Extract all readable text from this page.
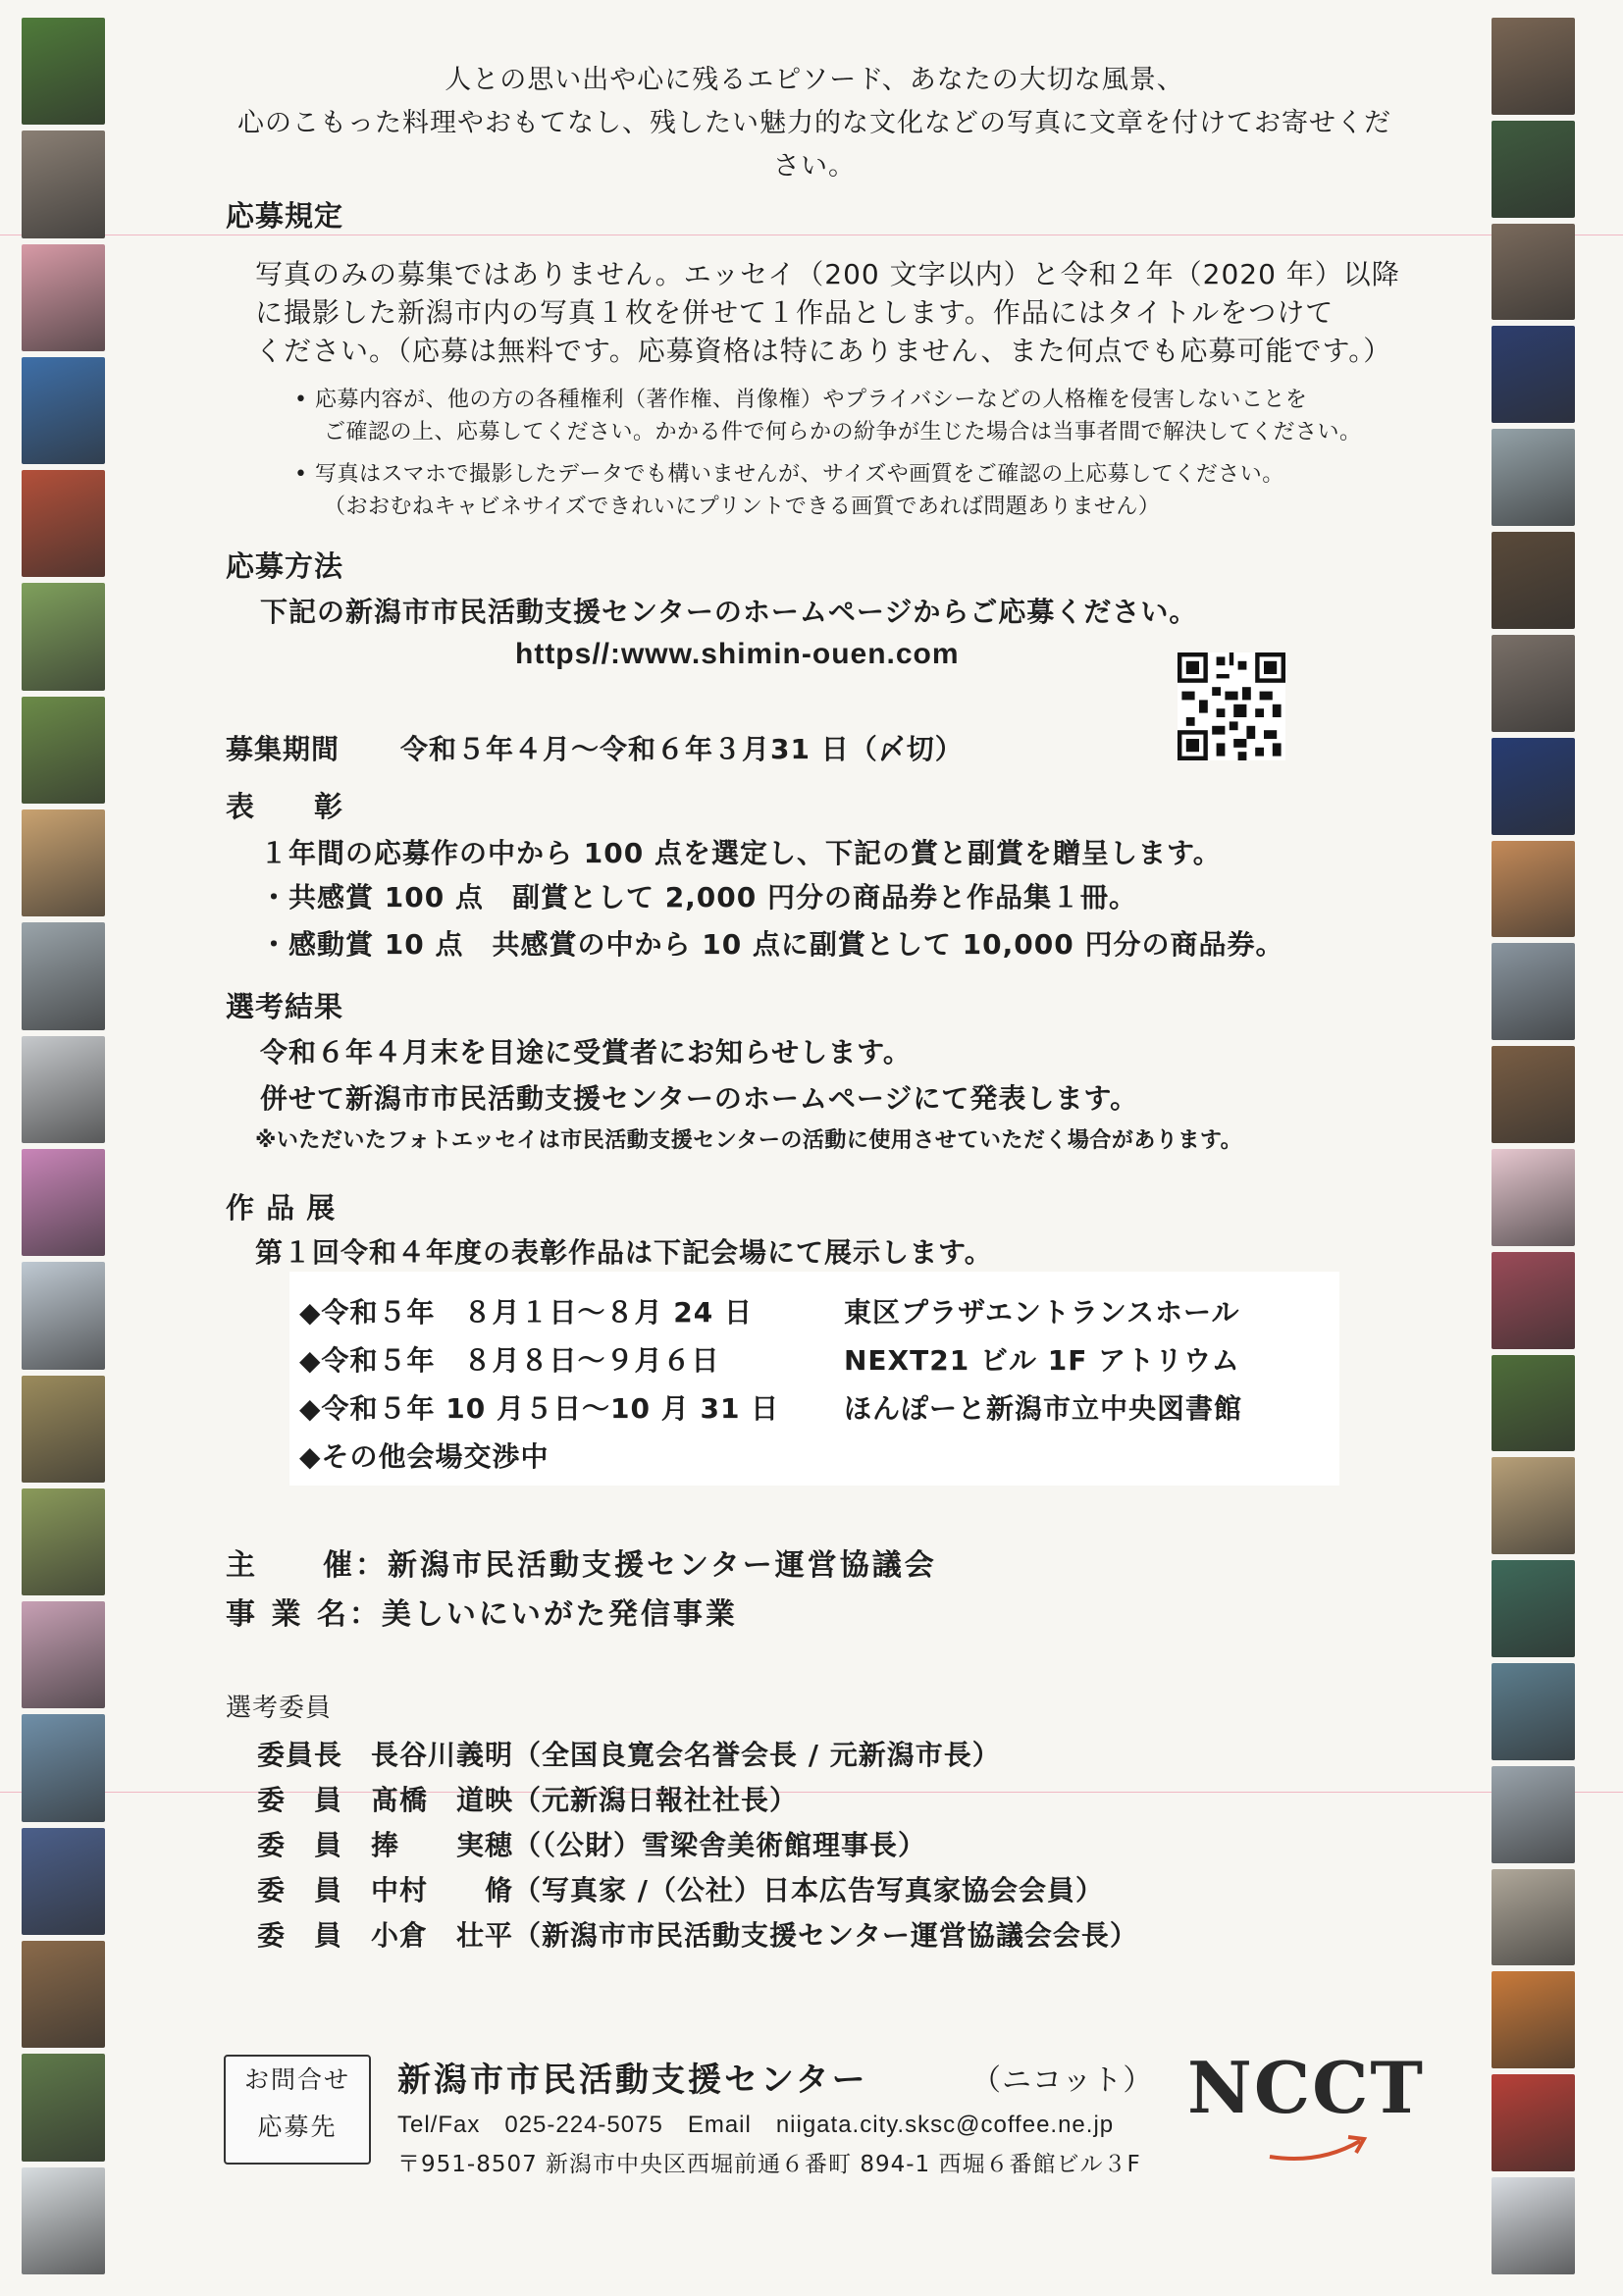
人との思い出や心に残るエピソード、あなたの大切な風景、
心のこもった料理やおもてなし、残したい魅力的な文化などの写真に文章を付けてお寄せください。
応募規定
写真のみの募集ではありません。エッセイ（200 文字以内）と令和２年（2020 年）以降
に撮影した新潟市内の写真１枚を併せて１作品とします。作品にはタイトルをつけて
ください。（応募は無料です。応募資格は特にありません、また何点でも応募可能です。）
• 応募内容が、他の方の各種権利（著作権、肖像権）やプライバシーなどの人格権を侵害しないことを
ご確認の上、応募してください。かかる件で何らかの紛争が生じた場合は当事者間で解決してください。
• 写真はスマホで撮影したデータでも構いませんが、サイズや画質をご確認の上応募してください。
（おおむねキャビネサイズできれいにプリントできる画質であれば問題ありません）
応募方法
下記の新潟市市民活動支援センターのホームページからご応募ください。
https//:www.shimin-ouen.com
募集期間 令和５年４月～令和６年３月31 日（〆切）
表　　彰
１年間の応募作の中から 100 点を選定し、下記の賞と副賞を贈呈します。
・共感賞 100 点　副賞として 2,000 円分の商品券と作品集１冊。
・感動賞 10 点　共感賞の中から 10 点に副賞として 10,000 円分の商品券。
選考結果
令和６年４月末を目途に受賞者にお知らせします。
併せて新潟市市民活動支援センターのホームページにて発表します。
※いただいたフォトエッセイは市民活動支援センターの活動に使用させていただく場合があります。
作 品 展
第１回令和４年度の表彰作品は下記会場にて展示します。
◆令和５年　８月１日～８月 24 日	東区プラザエントランスホール
◆令和５年　８月８日～９月６日	NEXT21 ビル 1F アトリウム
◆令和５年 10 月５日～10 月 31 日 ほんぽーと新潟市立中央図書館
◆その他会場交渉中
主　　催：新潟市民活動支援センター運営協議会
事 業 名：美しいにいがた発信事業
選考委員
委員長　長谷川義明（全国良寛会名誉会長 / 元新潟市長）
委　員　髙橋　道映（元新潟日報社社長）
委　員　捧　　実穂（（公財）雪梁舎美術館理事長）
委　員　中村　　脩（写真家 /（公社）日本広告写真家協会会員）
委　員　小倉　壮平（新潟市市民活動支援センター運営協議会会長）
お問合せ
応募先
新潟市市民活動支援センター	（ニコット）
Tel/Fax　025-224-5075　Email　niigata.city.sksc@coffee.ne.jp
〒951-8507 新潟市中央区西堀前通６番町 894-1 西堀６番館ビル３F
NCCT
